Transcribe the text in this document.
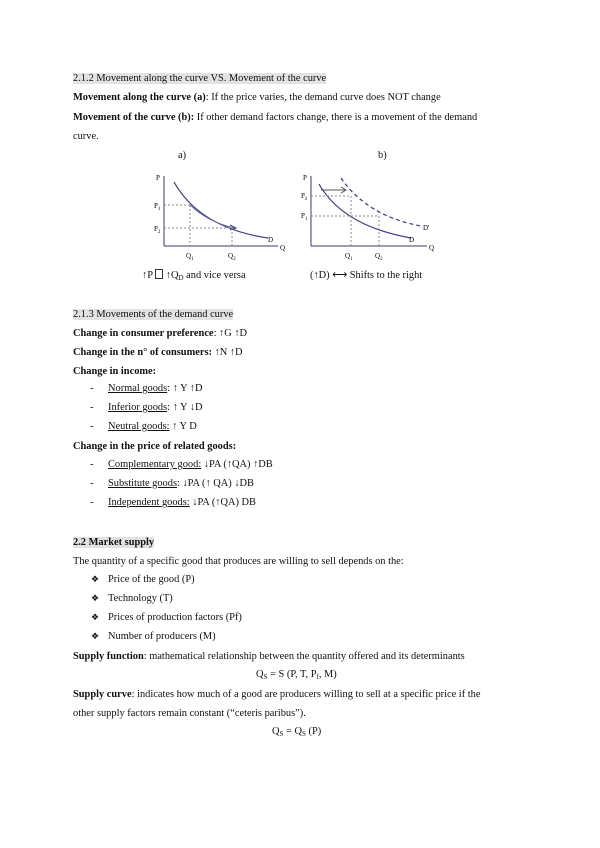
2.1.2 Movement along the curve VS. Movement of the curve
Movement along the curve (a): If the price varies, the demand curve does NOT change
Movement of the curve (b): If other demand factors change, there is a movement of the demand
curve.
a)
P
Q
$P_1$
$P_2$
$Q_1$	$Q_2$
D
↑P  $↑Q_D$ and vice versa
b)
P
Q
$P_2$
$P_1$
$Q_1$	$Q_2$
D
D'
(↑D) ⟷ Shifts to the right
2.1.3 Movements of the demand curve
Change in consumer preference: ↑G ↑D
Change in the n° of consumers: ↑N ↑D
Change in income:
- Normal goods: ↑ Y ↑D
- Inferior goods: ↑ Y ↓D
- Neutral goods: ↑ Y D
Change in the price of related goods:
- Complementary good: ↓PA (↑QA) ↑DB
- Substitute goods: ↓PA (↑ QA) ↓DB
- Independent goods: ↓PA (↑QA) DB
2.2 Market supply
The quantity of a specific good that produces are willing to sell depends on the:
❖ Price of the good (P)
❖ Technology (T)
❖ Prices of production factors (Pf)
❖ Number of producers (M)
Supply function: mathematical relationship between the quantity offered and its determinants
$Q_S = S$ (P, T, $P_f$, M)
Supply curve: indicates how much of a good are producers willing to sell at a specific price if the
other supply factors remain constant (“ceteris paribus”).
$Q_S = Q_S$ (P)
